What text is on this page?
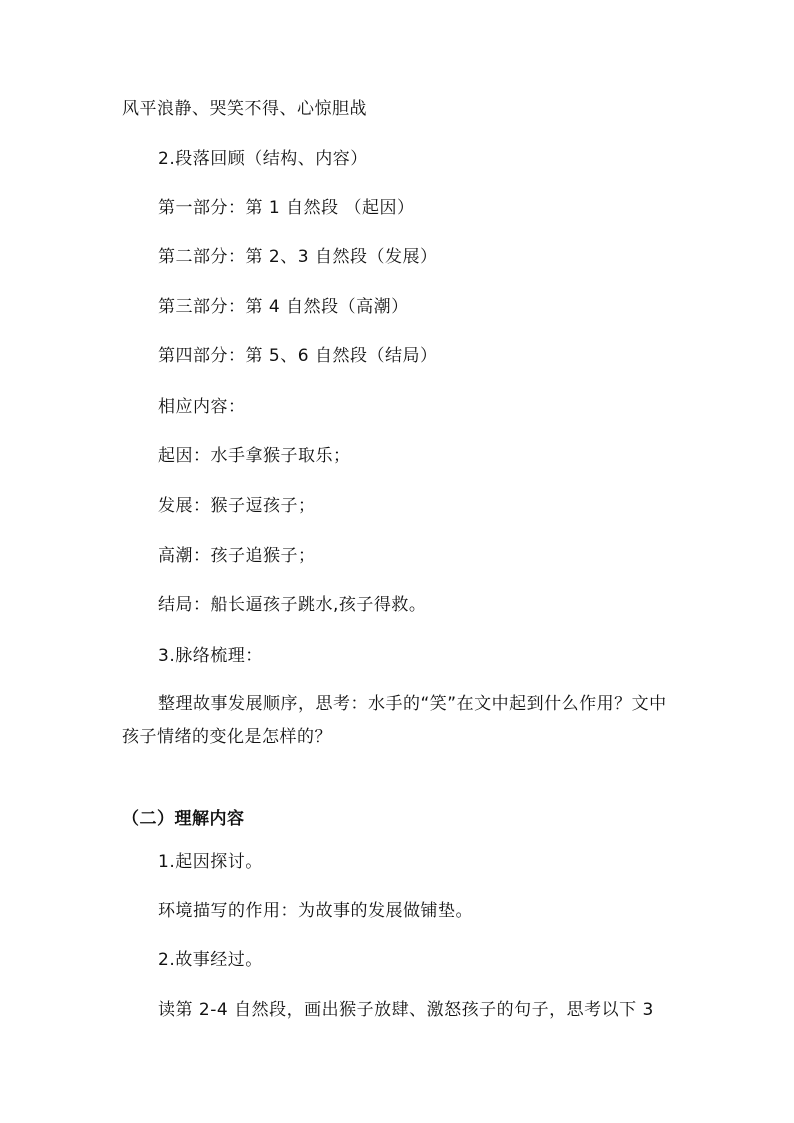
风平浪静、哭笑不得、心惊胆战
2.段落回顾（结构、内容）
第一部分：第 1 自然段 （起因）
第二部分：第 2、3 自然段（发展）
第三部分：第 4 自然段（高潮）
第四部分：第 5、6 自然段（结局）
相应内容：
起因：水手拿猴子取乐；
发展：猴子逗孩子；
高潮：孩子追猴子；
结局：船长逼孩子跳水,孩子得救。
3.脉络梳理：
整理故事发展顺序，思考：水手的“笑”在文中起到什么作用？文中孩子情绪的变化是怎样的？
（二）理解内容
1.起因探讨。
环境描写的作用：为故事的发展做铺垫。
2.故事经过。
读第 2-4 自然段，画出猴子放肆、激怒孩子的句子，思考以下 3
